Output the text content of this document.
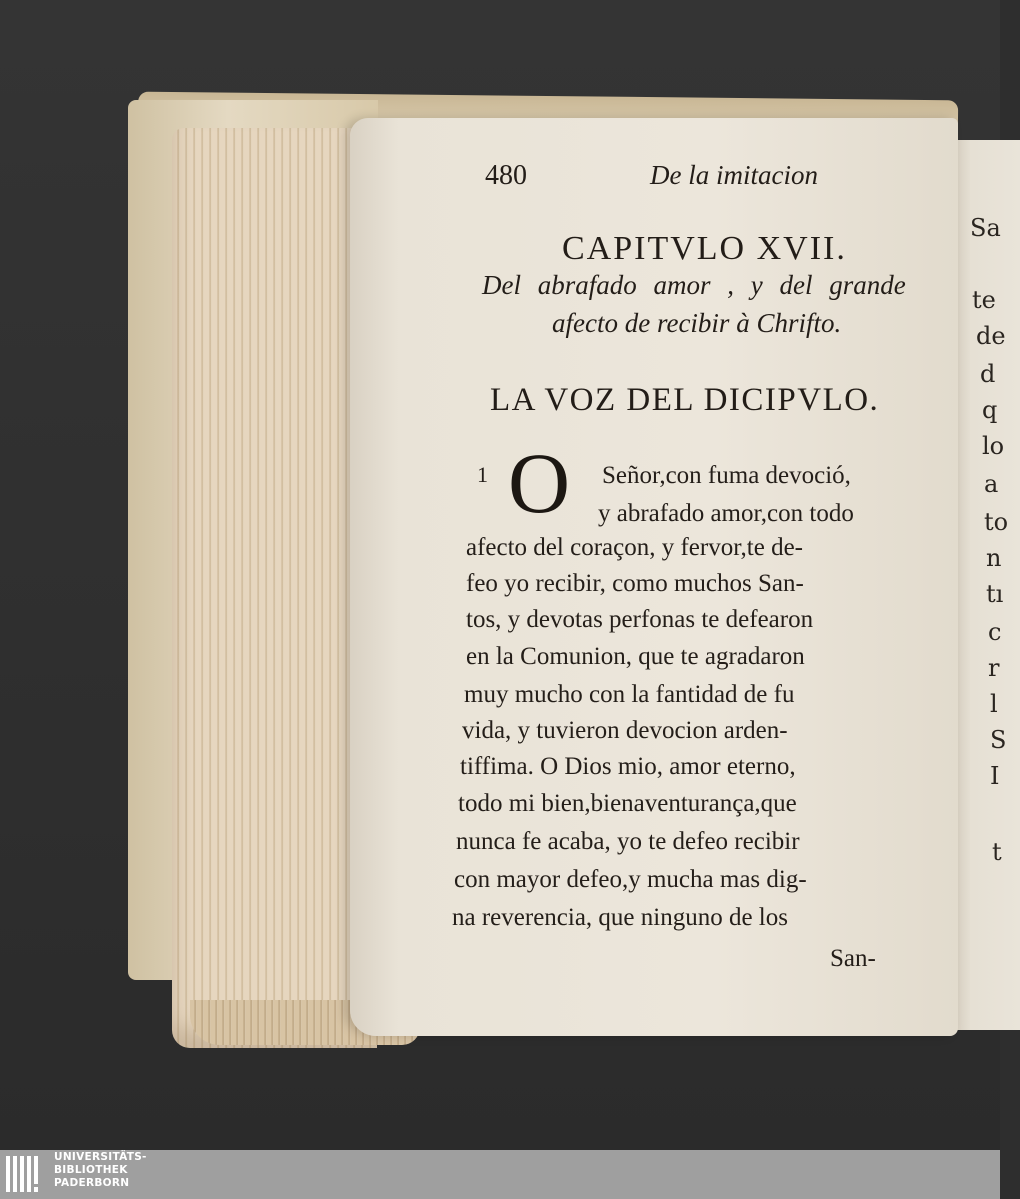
480	De la imitacion
CAPITVLO XVII.
Del abrafado amor , y del grande
afecto de recibir à Chrifto.
LA VOZ DEL DICIPVLO.
1 O Señor,con fuma devoció,
y abrafado amor,con todo
afecto del coraçon, y fervor,te de-
feo yo recibir, como muchos San-
tos, y devotas perfonas te defearon
en la Comunion, que te agradaron
muy mucho con la fantidad de fu
vida, y tuvieron devocion arden-
tiffima. O Dios mio, amor eterno,
todo mi bien,bienaventurança,que
nunca fe acaba, yo te defeo recibir
con mayor defeo,y mucha mas dig-
na reverencia, que ninguno de los
San-
Sa
te
de
d
q
lo
a
to
n
tı
c
r
l
S
I
t
UNIVERSITÄTS-
BIBLIOTHEK
PADERBORN
